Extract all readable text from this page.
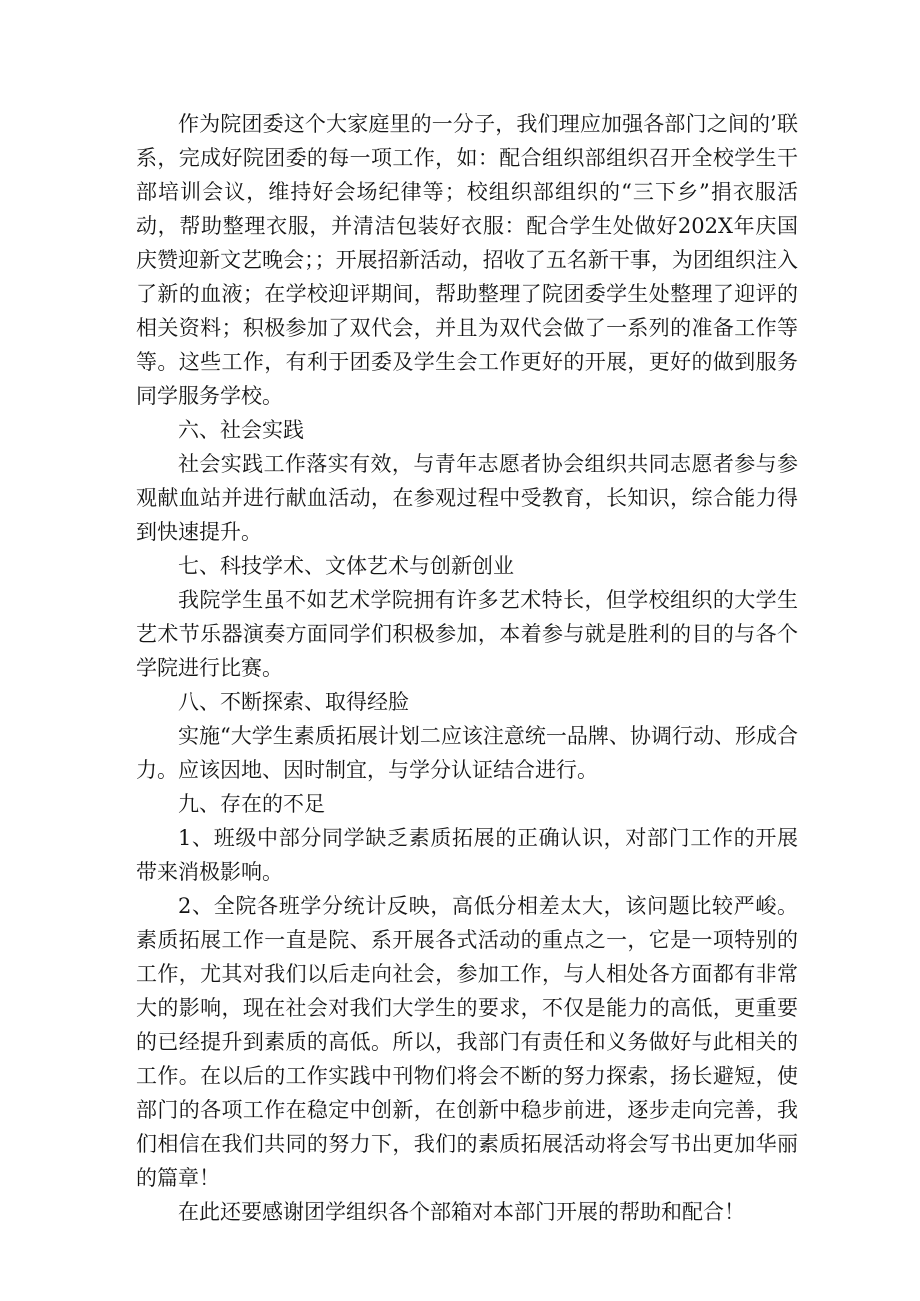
作为院团委这个大家庭里的一分子，我们理应加强各部门之间的’联系，完成好院团委的每一项工作，如：配合组织部组织召开全校学生干部培训会议，维持好会场纪律等；校组织部组织的“三下乡”捐衣服活动，帮助整理衣服，并清洁包装好衣服：配合学生处做好202X年庆国庆赞迎新文艺晚会；；开展招新活动，招收了五名新干事，为团组织注入了新的血液；在学校迎评期间，帮助整理了院团委学生处整理了迎评的相关资料；积极参加了双代会，并且为双代会做了一系列的准备工作等等。这些工作，有利于团委及学生会工作更好的开展，更好的做到服务同学服务学校。

六、社会实践

社会实践工作落实有效，与青年志愿者协会组织共同志愿者参与参观献血站并进行献血活动，在参观过程中受教育，长知识，综合能力得到快速提升。

七、科技学术、文体艺术与创新创业

我院学生虽不如艺术学院拥有许多艺术特长，但学校组织的大学生艺术节乐器演奏方面同学们积极参加，本着参与就是胜利的目的与各个学院进行比赛。

八、不断探索、取得经脸

实施“大学生素质拓展计划二应该注意统一品牌、协调行动、形成合力。应该因地、因时制宜，与学分认证结合进行。

九、存在的不足

1、班级中部分同学缺乏素质拓展的正确认识，对部门工作的开展带来消极影响。

2、全院各班学分统计反映，高低分相差太大，该问题比较严峻。素质拓展工作一直是院、系开展各式活动的重点之一，它是一项特别的工作，尤其对我们以后走向社会，参加工作，与人相处各方面都有非常大的影响，现在社会对我们大学生的要求，不仅是能力的高低，更重要的已经提升到素质的高低。所以，我部门有责任和义务做好与此相关的工作。在以后的工作实践中刊物们将会不断的努力探索，扬长避短，使部门的各项工作在稳定中创新，在创新中稳步前进，逐步走向完善，我们相信在我们共同的努力下，我们的素质拓展活动将会写书出更加华丽的篇章！

在此还要感谢团学组织各个部箱对本部门开展的帮助和配合！
